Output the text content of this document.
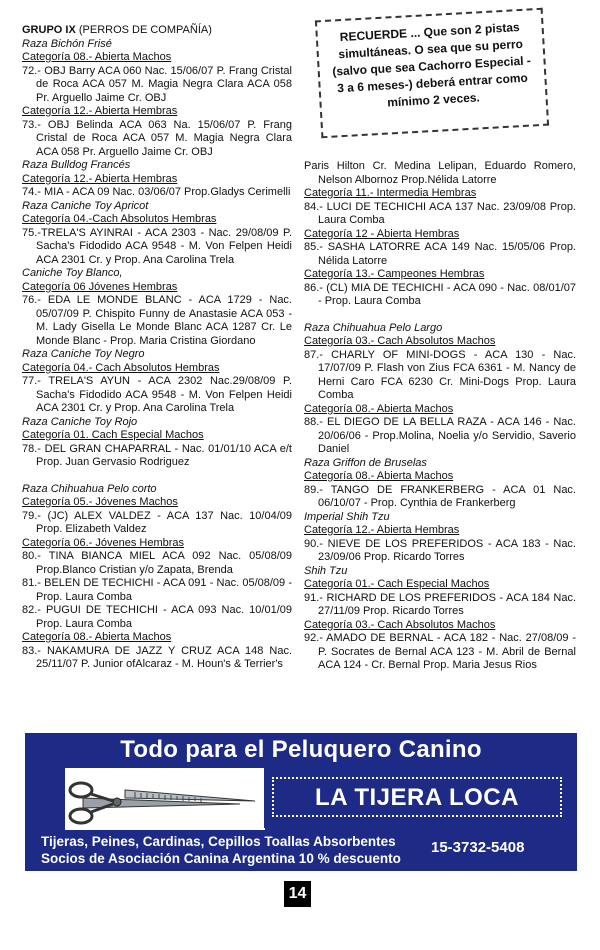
GRUPO IX (PERROS DE COMPAÑÍA)
Raza Bichón Frisé
Categoría 08.- Abierta Machos
72.- OBJ Barry ACA 060 Nac. 15/06/07 P. Frang Cristal de Roca ACA 057 M. Magia Negra Clara ACA 058 Pr. Arguello Jaime Cr. OBJ
Categoría 12.- Abierta Hembras
73.- OBJ Belinda ACA 063 Na. 15/06/07 P. Frang Cristal de Roca ACA 057 M. Magia Negra Clara ACA 058 Pr. Arguello Jaime Cr. OBJ
Raza Bulldog Francés
Categoría 12.- Abierta Hembras
74.- MIA - ACA 09 Nac. 03/06/07 Prop.Gladys Cerimelli
Raza Caniche Toy Apricot
Categoría 04.-Cach Absolutos Hembras
75.-TRELA'S AYINRAI - ACA 2303 - Nac. 29/08/09 P. Sacha's Fidodido ACA 9548 - M. Von Felpen Heidi ACA 2301 Cr. y Prop. Ana Carolina Trela
Caniche Toy Blanco,
Categoría 06 Jóvenes Hembras
76.- EDA LE MONDE BLANC - ACA 1729 - Nac. 05/07/09 P. Chispito Funny de Anastasie ACA 053 - M. Lady Gisella Le Monde Blanc ACA 1287 Cr. Le Monde Blanc - Prop. Maria Cristina Giordano
Raza Caniche Toy Negro
Categoría 04.- Cach Absolutos Hembras
77.- TRELA'S AYUN - ACA 2302 Nac.29/08/09 P. Sacha's Fidodido ACA 9548 - M. Von Felpen Heidi ACA 2301 Cr. y Prop. Ana Carolina Trela
Raza Caniche Toy Rojo
Categoría 01. Cach Especial Machos
78.- DEL GRAN CHAPARRAL - Nac. 01/01/10 ACA e/t Prop. Juan Gervasio Rodriguez
Raza Chihuahua Pelo corto
Categoría 05.- Jóvenes Machos
79.- (JC) ALEX VALDEZ - ACA 137 Nac. 10/04/09 Prop. Elizabeth Valdez
Categoría 06.- Jóvenes Hembras
80.- TINA BIANCA MIEL ACA 092 Nac. 05/08/09 Prop.Blanco Cristian y/o Zapata, Brenda
81.- BELEN DE TECHICHI - ACA 091 - Nac. 05/08/09 - Prop. Laura Comba
82.- PUGUI DE TECHICHI - ACA 093 Nac. 10/01/09 Prop. Laura Comba
Categoría 08.- Abierta Machos
83.- NAKAMURA DE JAZZ Y CRUZ ACA 148 Nac. 25/11/07 P. Junior ofAlcaraz - M. Houn's & Terrier's
Paris Hilton Cr. Medina Lelipan, Eduardo Romero, Nelson Albornoz Prop.Nélida Latorre
Categoría 11.- Intermedia Hembras
84.- LUCI DE TECHICHI ACA 137 Nac. 23/09/08 Prop. Laura Comba
Categoría 12 - Abierta Hembras
85.- SASHA LATORRE ACA 149 Nac. 15/05/06 Prop. Nélida Latorre
Categoría 13.- Campeones Hembras
86.- (CL) MIA DE TECHICHI - ACA 090 - Nac. 08/01/07 - Prop. Laura Comba
Raza Chihuahua Pelo Largo
Categoría 03.- Cach Absolutos Machos
87.- CHARLY OF MINI-DOGS - ACA 130 - Nac. 17/07/09 P. Flash von Zius FCA 6361 - M. Nancy de Herni Caro FCA 6230 Cr. Mini-Dogs Prop. Laura Comba
Categoría 08.- Abierta Machos
88.- EL DIEGO DE LA BELLA RAZA - ACA 146 - Nac. 20/06/06 - Prop.Molina, Noelia y/o Servidio, Saverio Daniel
Raza Griffon de Bruselas
Categoría 08.- Abierta Machos
89.- TANGO DE FRANKERBERG - ACA 01 Nac. 06/10/07 - Prop. Cynthia de Frankerberg
Imperial Shih Tzu
Categoría 12.- Abierta Hembras
90.- NIEVE DE LOS PREFERIDOS - ACA 183 - Nac. 23/09/06 Prop. Ricardo Torres
Shih Tzu
Categoría 01.- Cach Especial Machos
91.- RICHARD DE LOS PREFERIDOS - ACA 184 Nac. 27/11/09 Prop. Ricardo Torres
Categoría 03.- Cach Absolutos Machos
92.- AMADO DE BERNAL - ACA 182 - Nac. 27/08/09 - P. Socrates de Bernal ACA 123 - M. Abril de Bernal ACA 124 - Cr. Bernal Prop. Maria Jesus Rios
RECUERDE ... Que son 2 pistas simultáneas. O sea que su perro (salvo que sea Cachorro Especial - 3 a 6 meses-) deberá entrar como mínimo 2 veces.
Todo para el Peluquero Canino
LA TIJERA LOCA
Tijeras, Peines, Cardinas, Cepillos Toallas Absorbentes
Socios de Asociación Canina Argentina 10 % descuento
15-3732-5408
14
